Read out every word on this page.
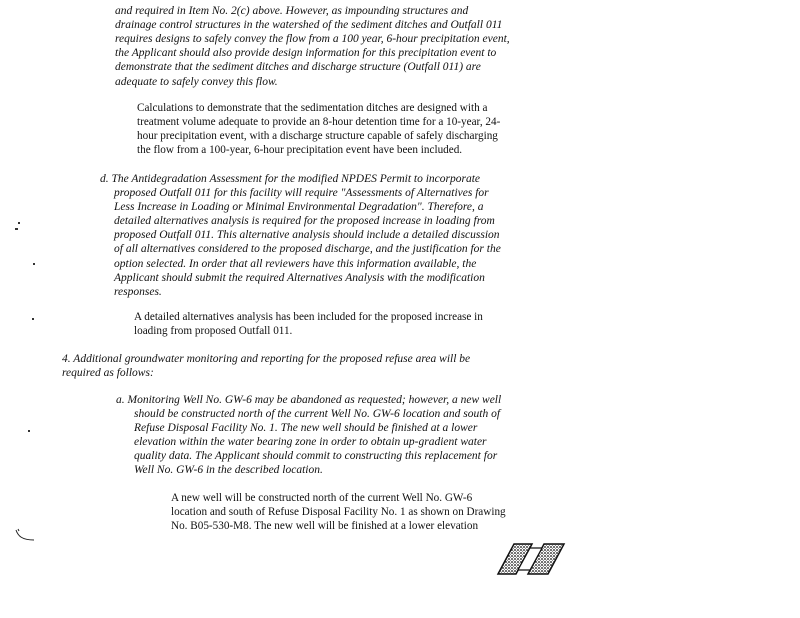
and required in Item No. 2(c) above. However, as impounding structures and
drainage control structures in the watershed of the sediment ditches and Outfall 011
requires designs to safely convey the flow from a 100 year, 6-hour precipitation event,
the Applicant should also provide design information for this precipitation event to
demonstrate that the sediment ditches and discharge structure (Outfall 011) are
adequate to safely convey this flow.
Calculations to demonstrate that the sedimentation ditches are designed with a
treatment volume adequate to provide an 8-hour detention time for a 10-year, 24-
hour precipitation event, with a discharge structure capable of safely discharging
the flow from a 100-year, 6-hour precipitation event have been included.
d. The Antidegradation Assessment for the modified NPDES Permit to incorporate
proposed Outfall 011 for this facility will require "Assessments of Alternatives for
Less Increase in Loading or Minimal Environmental Degradation". Therefore, a
detailed alternatives analysis is required for the proposed increase in loading from
proposed Outfall 011. This alternative analysis should include a detailed discussion
of all alternatives considered to the proposed discharge, and the justification for the
option selected. In order that all reviewers have this information available, the
Applicant should submit the required Alternatives Analysis with the modification
responses.
A detailed alternatives analysis has been included for the proposed increase in
loading from proposed Outfall 011.
4. Additional groundwater monitoring and reporting for the proposed refuse area will be
required as follows:
a. Monitoring Well No. GW-6 may be abandoned as requested; however, a new well
should be constructed north of the current Well No. GW-6 location and south of
Refuse Disposal Facility No. 1. The new well should be finished at a lower
elevation within the water bearing zone in order to obtain up-gradient water
quality data. The Applicant should commit to constructing this replacement for
Well No. GW-6 in the described location.
A new well will be constructed north of the current Well No. GW-6
location and south of Refuse Disposal Facility No. 1 as shown on Drawing
No. B05-530-M8. The new well will be finished at a lower elevation
